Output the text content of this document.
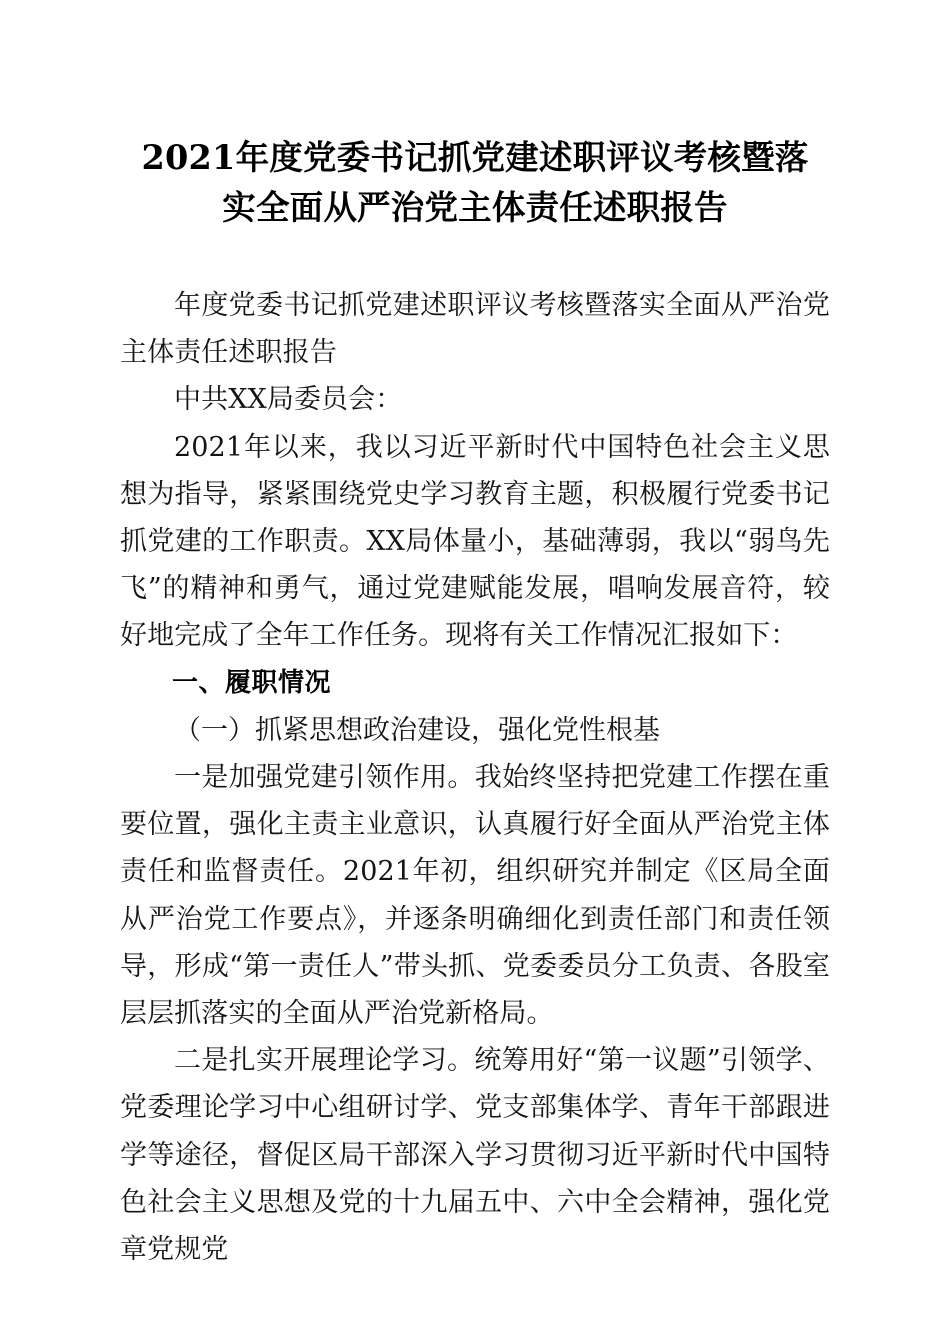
2021年度党委书记抓党建述职评议考核暨落 实全面从严治党主体责任述职报告

年度党委书记抓党建述职评议考核暨落实全面从严治党主体责任述职报告

中共XX局委员会：

2021年以来，我以习近平新时代中国特色社会主义思想为指导，紧紧围绕党史学习教育主题，积极履行党委书记抓党建的工作职责。XX局体量小，基础薄弱，我以“弱鸟先飞”的精神和勇气，通过党建赋能发展，唱响发展音符，较好地完成了全年工作任务。现将有关工作情况汇报如下：

一、履职情况

（一）抓紧思想政治建设，强化党性根基

一是加强党建引领作用。我始终坚持把党建工作摆在重要位置，强化主责主业意识，认真履行好全面从严治党主体责任和监督责任。2021年初，组织研究并制定《区局全面从严治党工作要点》，并逐条明确细化到责任部门和责任领导，形成“第一责任人”带头抓、党委委员分工负责、各股室层层抓落实的全面从严治党新格局。

二是扎实开展理论学习。统筹用好“第一议题”引领学、党委理论学习中心组研讨学、党支部集体学、青年干部跟进学等途径，督促区局干部深入学习贯彻习近平新时代中国特色社会主义思想及党的十九届五中、六中全会精神，强化党章党规党
